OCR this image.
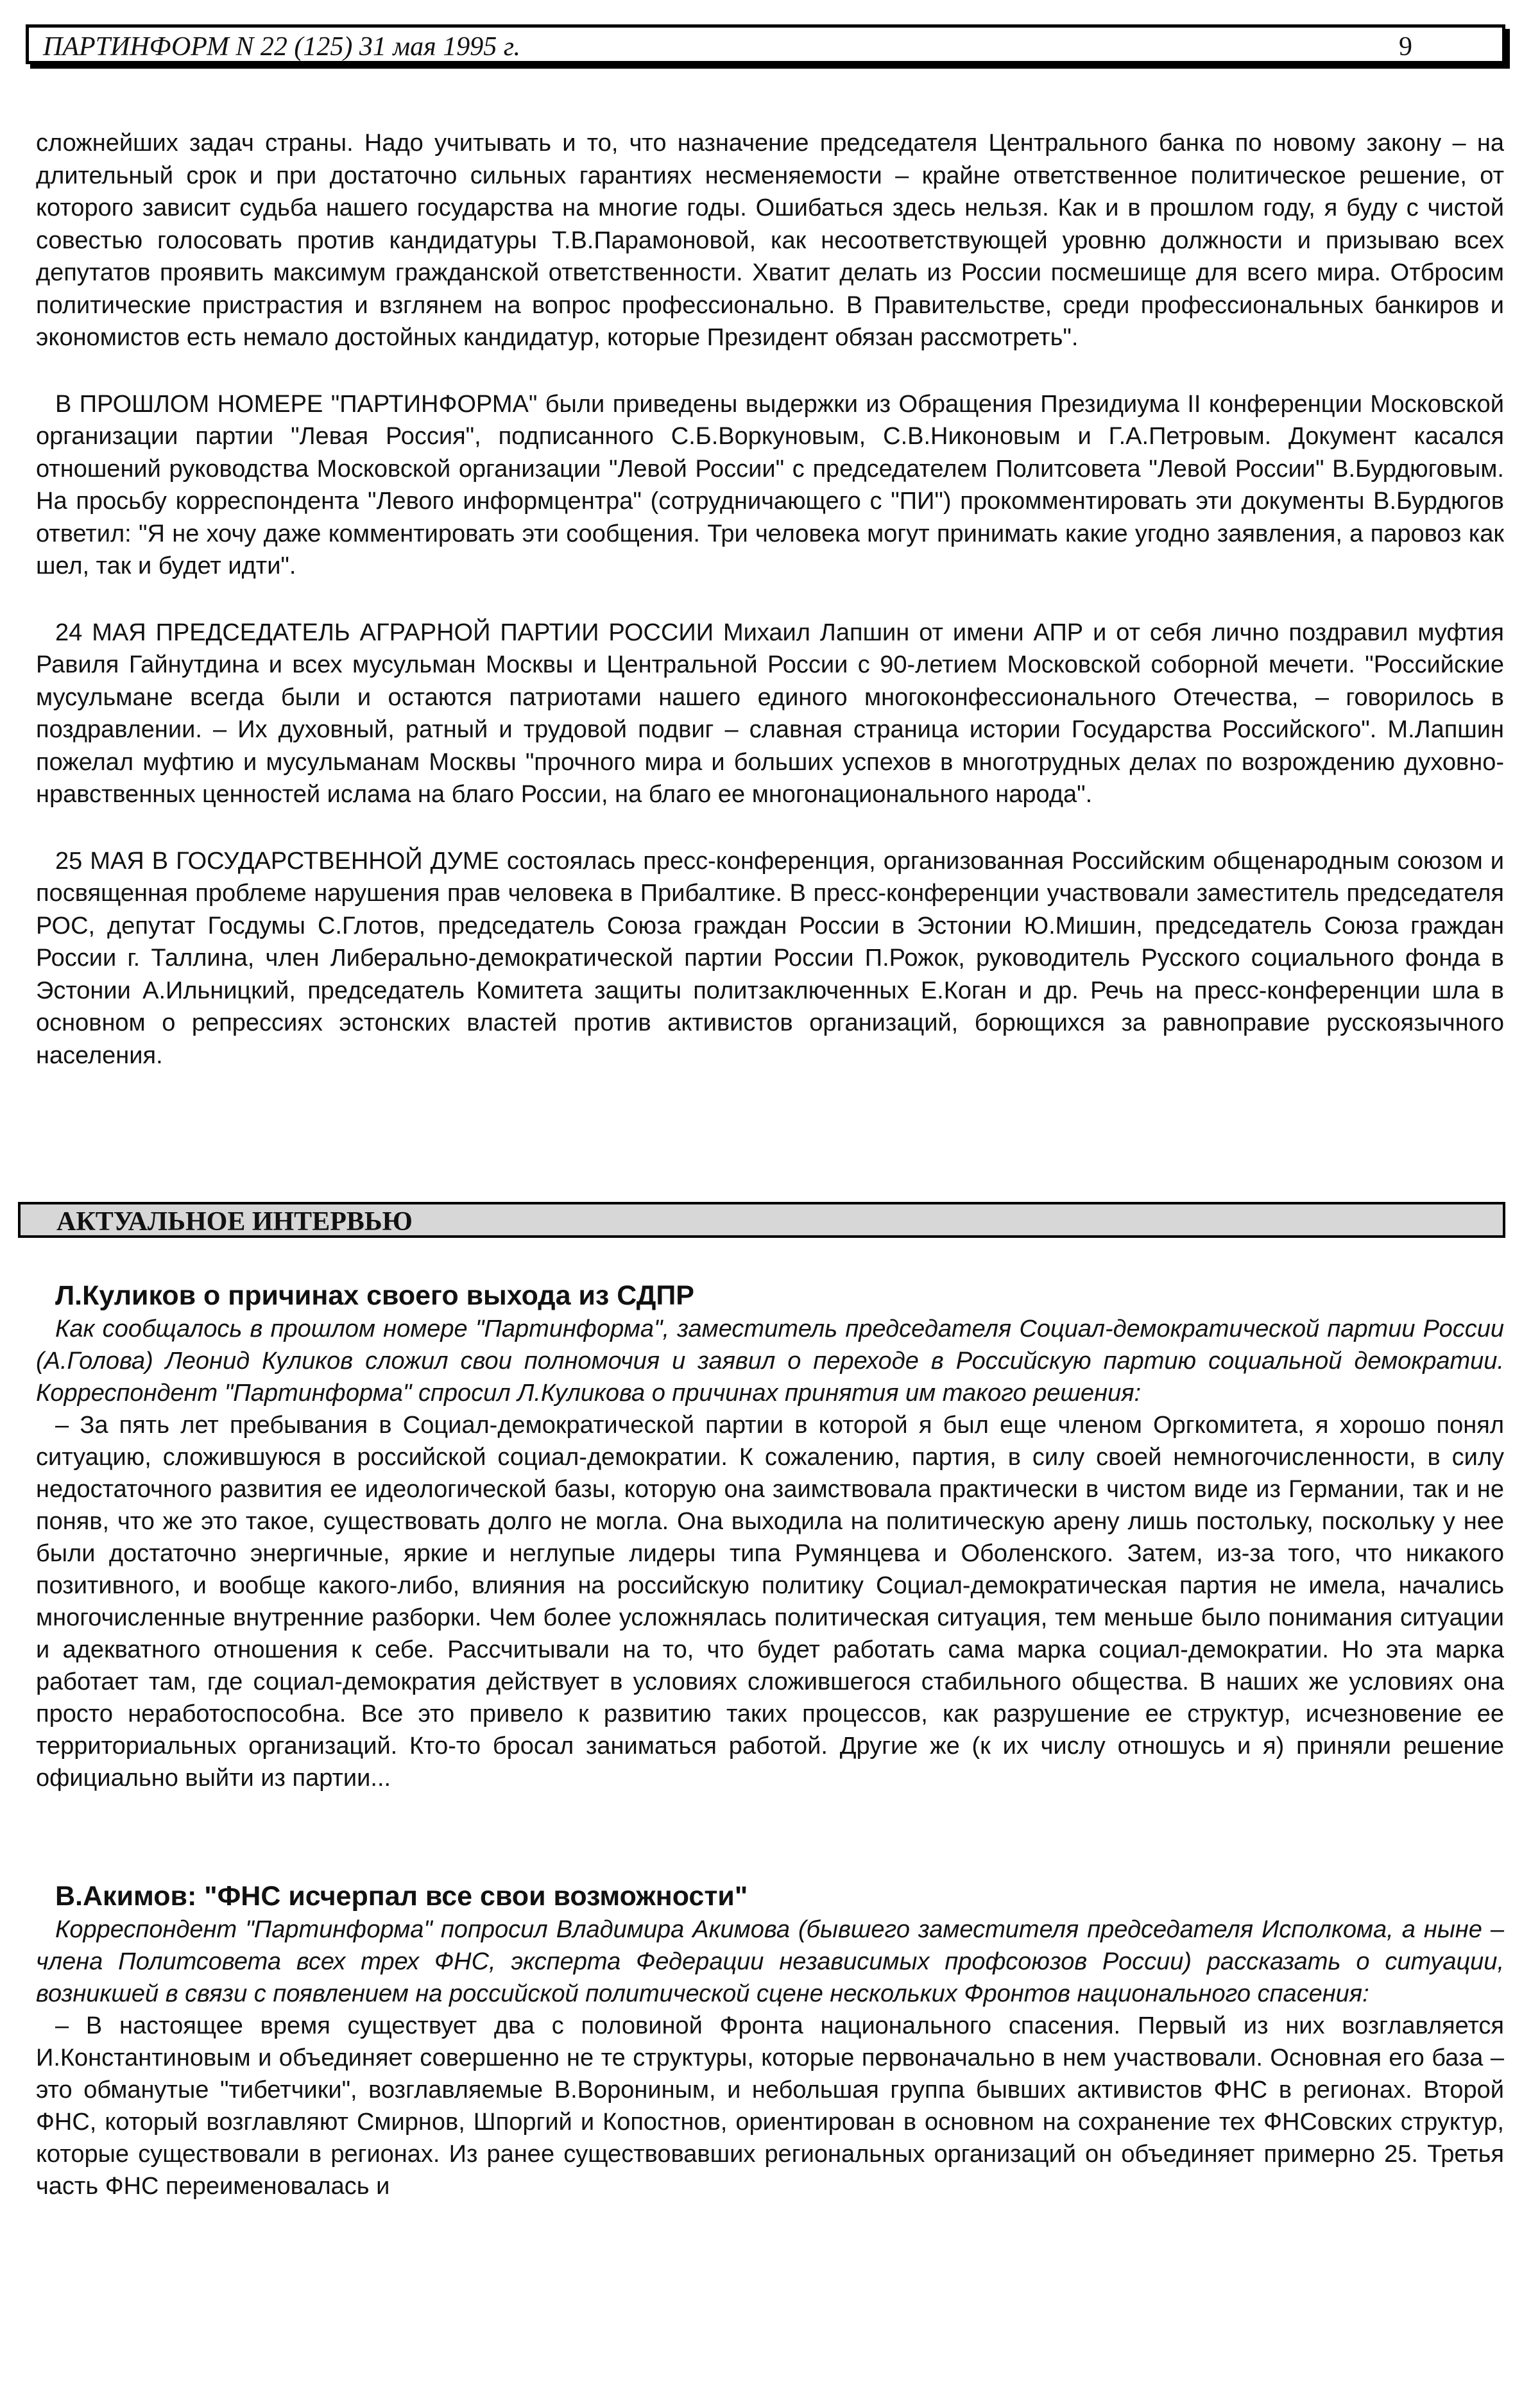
ПАРТИНФОРМ N 22 (125) 31 мая 1995 г.	9

сложнейших задач страны. Надо учитывать и то, что назначение председателя Центрального банка по новому закону – на длительный срок и при достаточно сильных гарантиях несменяемости – крайне ответственное политическое решение, от которого зависит судьба нашего государства на многие годы. Ошибаться здесь нельзя. Как и в прошлом году, я буду с чистой совестью голосовать против кандидатуры Т.В.Парамоновой, как несоответствующей уровню должности и призываю всех депутатов проявить максимум гражданской ответственности. Хватит делать из России посмешище для всего мира. Отбросим политические пристрастия и взглянем на вопрос профессионально. В Правительстве, среди профессиональных банкиров и экономистов есть немало достойных кандидатур, которые Президент обязан рассмотреть".

В ПРОШЛОМ НОМЕРЕ "ПАРТИНФОРМА" были приведены выдержки из Обращения Президиума II конференции Московской организации партии "Левая Россия", подписанного С.Б.Воркуновым, С.В.Никоновым и Г.А.Петровым. Документ касался отношений руководства Московской организации "Левой России" с председателем Политсовета "Левой России" В.Бурдюговым. На просьбу корреспондента "Левого информцентра" (сотрудничающего с "ПИ") прокомментировать эти документы В.Бурдюгов ответил: "Я не хочу даже комментировать эти сообщения. Три человека могут принимать какие угодно заявления, а паровоз как шел, так и будет идти".

24 МАЯ ПРЕДСЕДАТЕЛЬ АГРАРНОЙ ПАРТИИ РОССИИ Михаил Лапшин от имени АПР и от себя лично поздравил муфтия Равиля Гайнутдина и всех мусульман Москвы и Центральной России с 90-летием Московской соборной мечети. "Российские мусульмане всегда были и остаются патриотами нашего единого многоконфессионального Отечества, – говорилось в поздравлении. – Их духовный, ратный и трудовой подвиг – славная страница истории Государства Российского". М.Лапшин пожелал муфтию и мусульманам Москвы "прочного мира и больших успехов в многотрудных делах по возрождению духовно-нравственных ценностей ислама на благо России, на благо ее многонационального народа".

25 МАЯ В ГОСУДАРСТВЕННОЙ ДУМЕ состоялась пресс-конференция, организованная Российским общенародным союзом и посвященная проблеме нарушения прав человека в Прибалтике. В пресс-конференции участвовали заместитель председателя РОС, депутат Госдумы С.Глотов, председатель Союза граждан России в Эстонии Ю.Мишин, председатель Союза граждан России г. Таллина, член Либерально-демократической партии России П.Рожок, руководитель Русского социального фонда в Эстонии А.Ильницкий, председатель Комитета защиты политзаключенных Е.Коган и др. Речь на пресс-конференции шла в основном о репрессиях эстонских властей против активистов организаций, борющихся за равноправие русскоязычного населения.

АКТУАЛЬНОЕ ИНТЕРВЬЮ
Л.Куликов о причинах своего выхода из СДПР
Как сообщалось в прошлом номере "Партинформа", заместитель председателя Социал-демократической партии России (А.Голова) Леонид Куликов сложил свои полномочия и заявил о переходе в Российскую партию социальной демократии. Корреспондент "Партинформа" спросил Л.Куликова о причинах принятия им такого решения:
– За пять лет пребывания в Социал-демократической партии в которой я был еще членом Оргкомитета, я хорошо понял ситуацию, сложившуюся в российской социал-демократии. К сожалению, партия, в силу своей немногочисленности, в силу недостаточного развития ее идеологической базы, которую она заимствовала практически в чистом виде из Германии, так и не поняв, что же это такое, существовать долго не могла. Она выходила на политическую арену лишь постольку, поскольку у нее были достаточно энергичные, яркие и неглупые лидеры типа Румянцева и Оболенского. Затем, из-за того, что никакого позитивного, и вообще какого-либо, влияния на российскую политику Социал-демократическая партия не имела, начались многочисленные внутренние разборки. Чем более усложнялась политическая ситуация, тем меньше было понимания ситуации и адекватного отношения к себе. Рассчитывали на то, что будет работать сама марка социал-демократии. Но эта марка работает там, где социал-демократия действует в условиях сложившегося стабильного общества. В наших же условиях она просто неработоспособна. Все это привело к развитию таких процессов, как разрушение ее структур, исчезновение ее территориальных организаций. Кто-то бросал заниматься работой. Другие же (к их числу отношусь и я) приняли решение официально выйти из партии...
В.Акимов: "ФНС исчерпал все свои возможности"
Корреспондент "Партинформа" попросил Владимира Акимова (бывшего заместителя председателя Исполкома, а ныне – члена Политсовета всех трех ФНС, эксперта Федерации независимых профсоюзов России) рассказать о ситуации, возникшей в связи с появлением на российской политической сцене нескольких Фронтов национального спасения:
– В настоящее время существует два с половиной Фронта национального спасения. Первый из них возглавляется И.Константиновым и объединяет совершенно не те структуры, которые первоначально в нем участвовали. Основная его база – это обманутые "тибетчики", возглавляемые В.Ворониным, и небольшая группа бывших активистов ФНС в регионах. Второй ФНС, который возглавляют Смирнов, Шпоргий и Копостнов, ориентирован в основном на сохранение тех ФНСовских структур, которые существовали в регионах. Из ранее существовавших региональных организаций он объединяет примерно 25. Третья часть ФНС переименовалась и
